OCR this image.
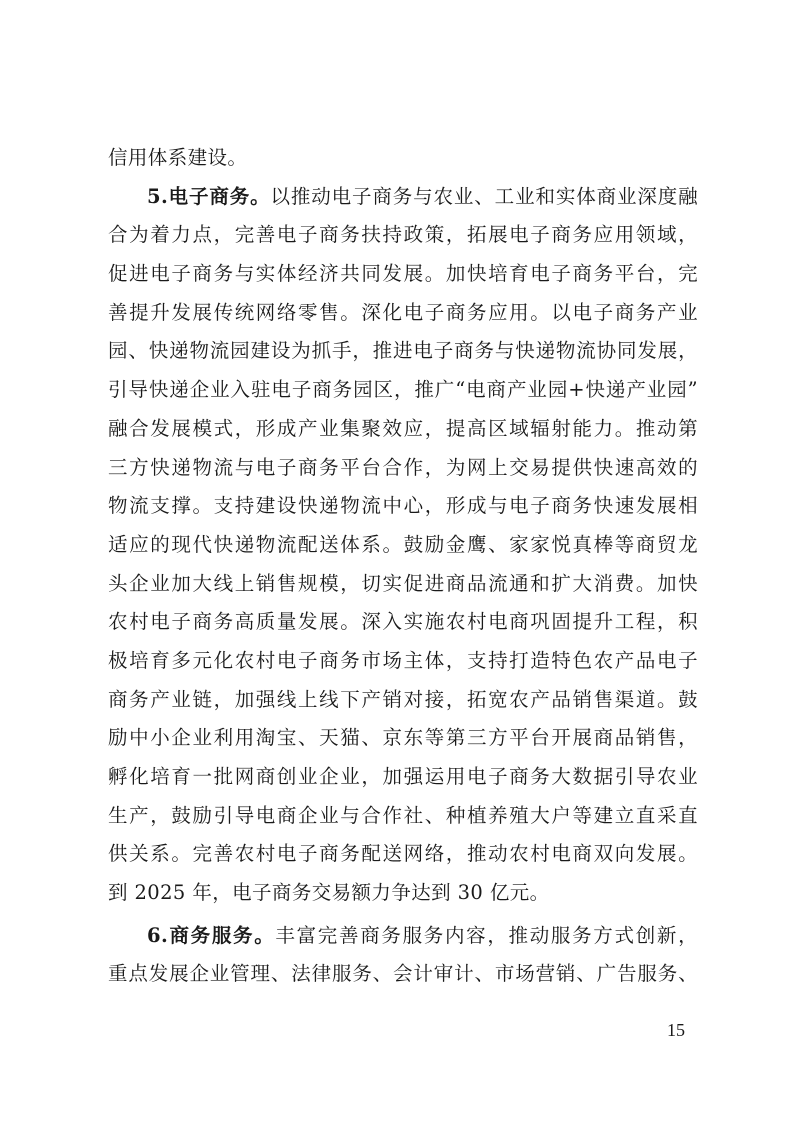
信用体系建设。
5.电子商务。以推动电子商务与农业、工业和实体商业深度融
合为着力点，完善电子商务扶持政策，拓展电子商务应用领域，
促进电子商务与实体经济共同发展。加快培育电子商务平台，完
善提升发展传统网络零售。深化电子商务应用。以电子商务产业
园、快递物流园建设为抓手，推进电子商务与快递物流协同发展，
引导快递企业入驻电子商务园区，推广“电商产业园+快递产业园”
融合发展模式，形成产业集聚效应，提高区域辐射能力。推动第
三方快递物流与电子商务平台合作，为网上交易提供快速高效的
物流支撑。支持建设快递物流中心，形成与电子商务快速发展相
适应的现代快递物流配送体系。鼓励金鹰、家家悦真棒等商贸龙
头企业加大线上销售规模，切实促进商品流通和扩大消费。加快
农村电子商务高质量发展。深入实施农村电商巩固提升工程，积
极培育多元化农村电子商务市场主体，支持打造特色农产品电子
商务产业链，加强线上线下产销对接，拓宽农产品销售渠道。鼓
励中小企业利用淘宝、天猫、京东等第三方平台开展商品销售，
孵化培育一批网商创业企业，加强运用电子商务大数据引导农业
生产，鼓励引导电商企业与合作社、种植养殖大户等建立直采直
供关系。完善农村电子商务配送网络，推动农村电商双向发展。
到 2025 年，电子商务交易额力争达到 30 亿元。
6.商务服务。丰富完善商务服务内容，推动服务方式创新，
重点发展企业管理、法律服务、会计审计、市场营销、广告服务、
15
